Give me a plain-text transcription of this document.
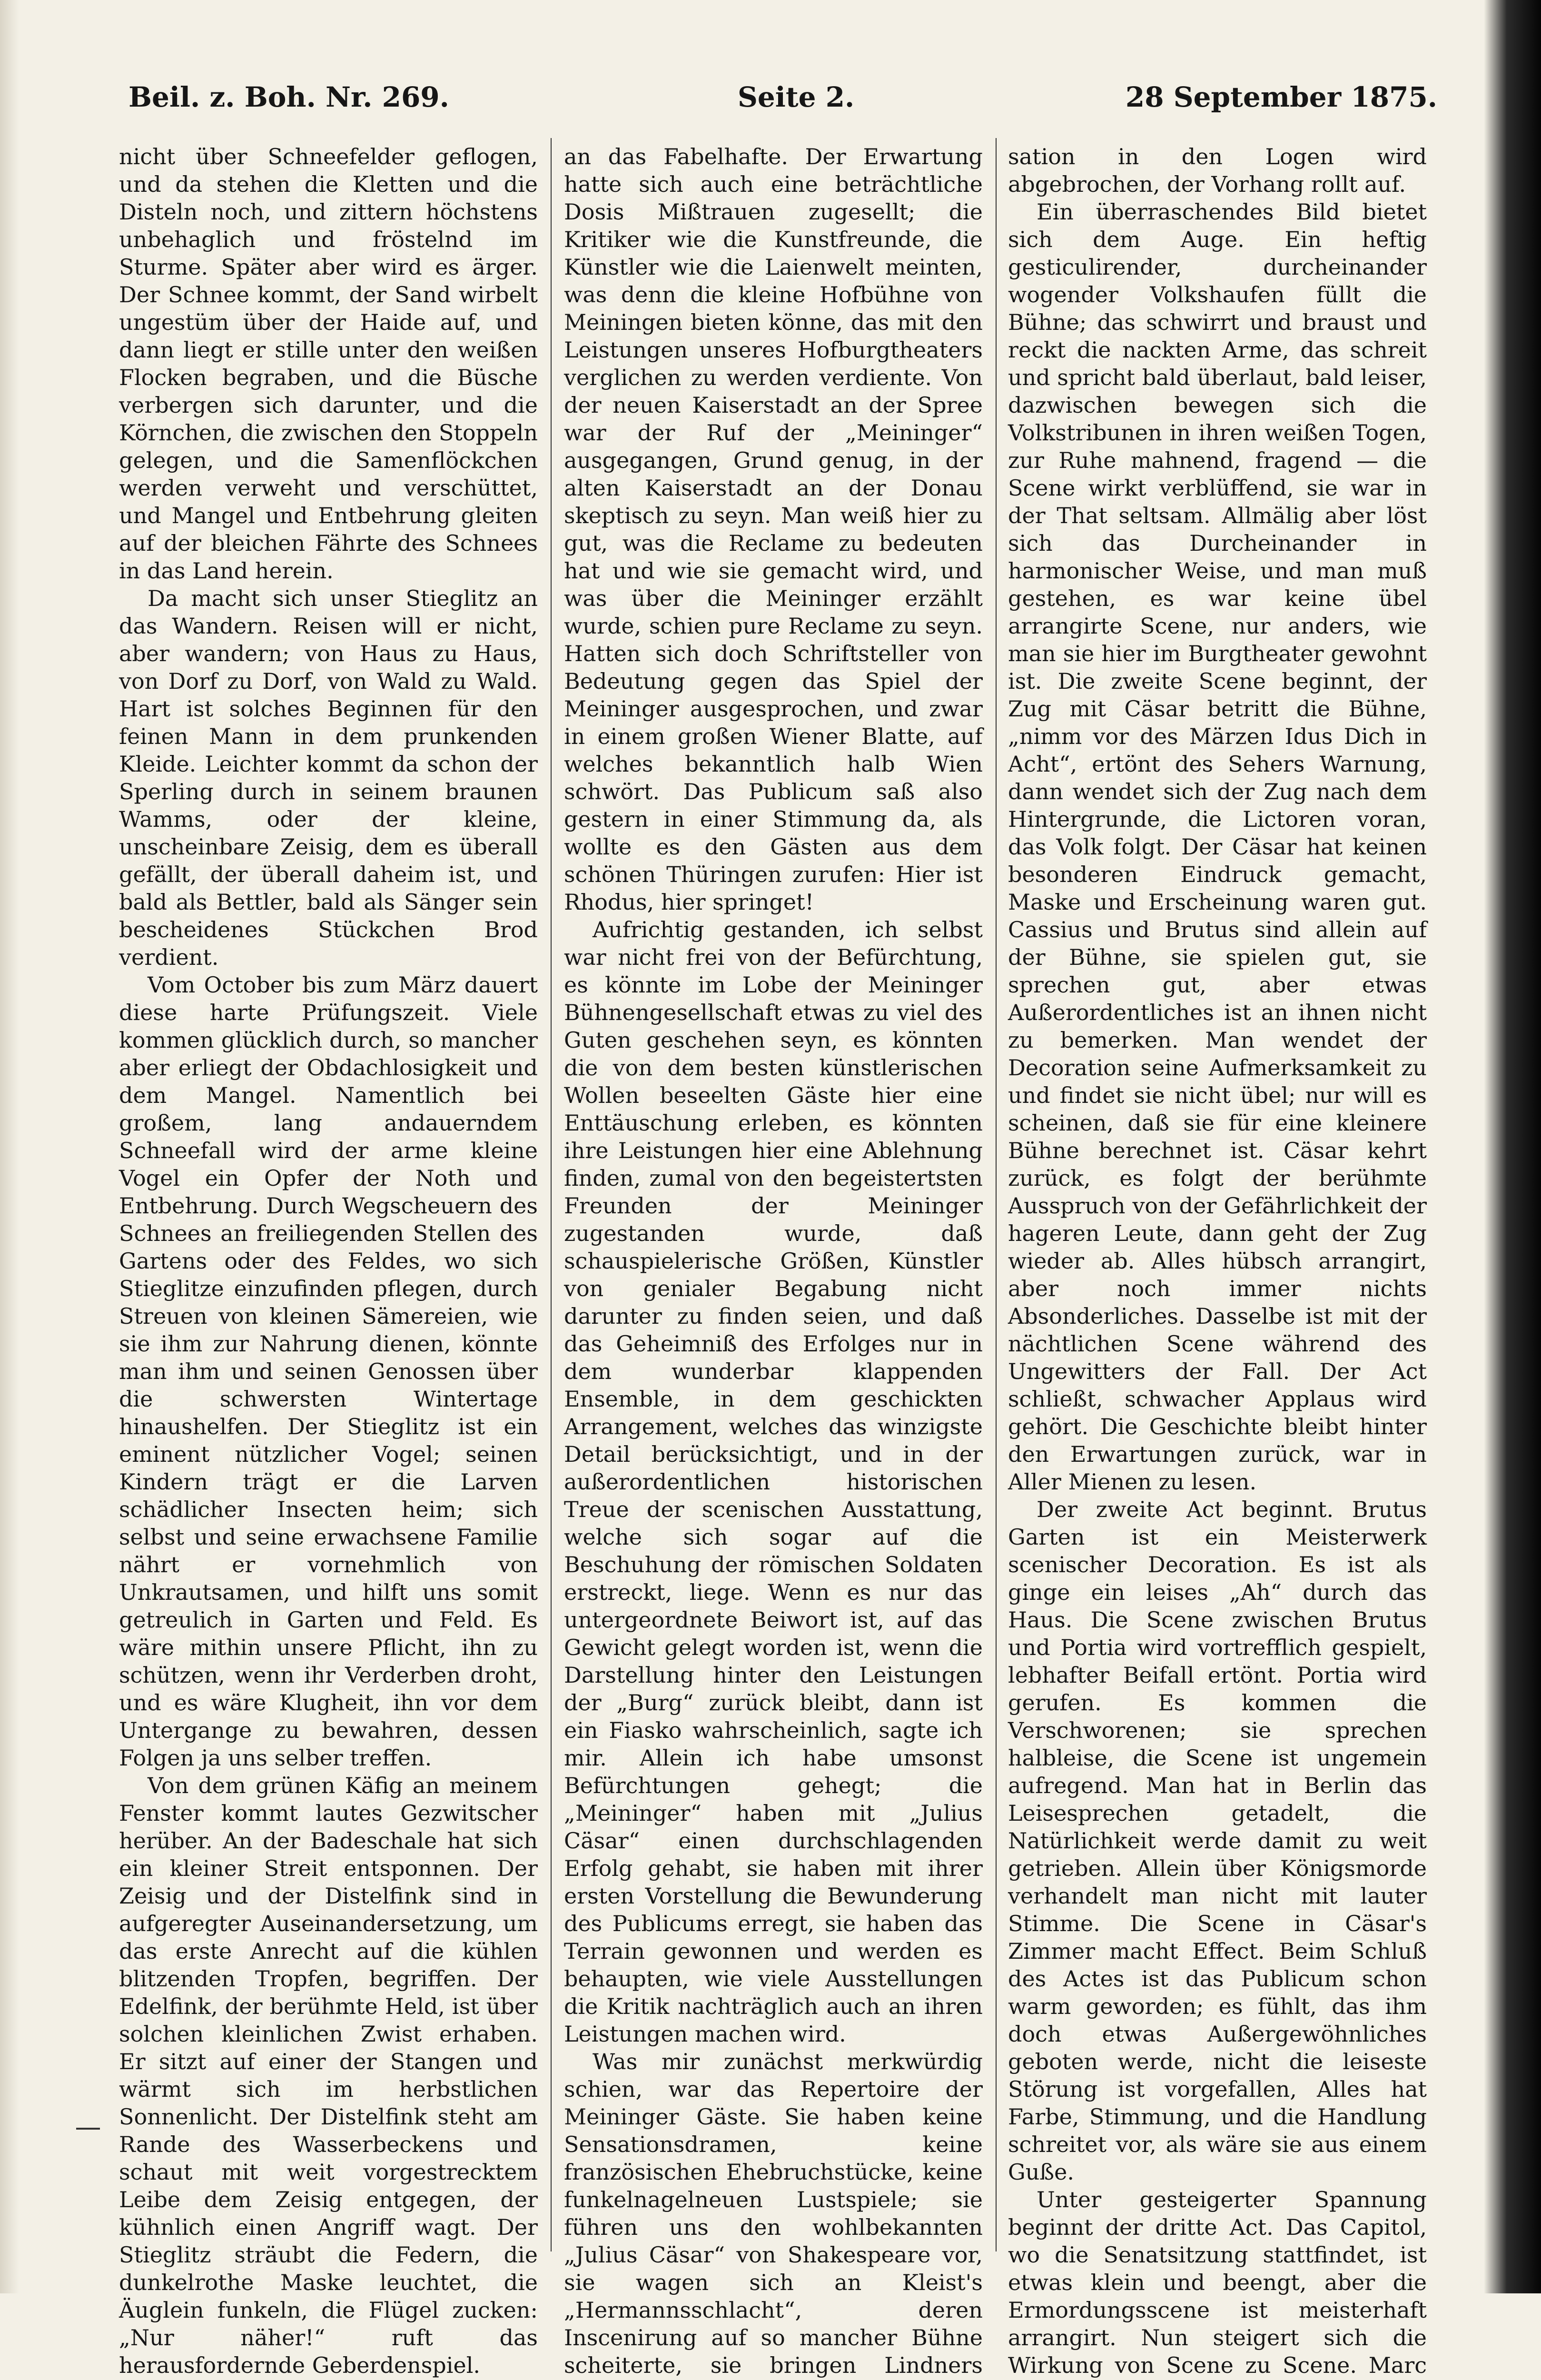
Beil. z. Boh. Nr. 269.	Seite 2.	28 September 1875.

nicht über Schneefelder geflogen, und da stehen die Kletten und die Disteln noch, und zittern höchstens unbehaglich und fröstelnd im Sturme. Später aber wird es ärger. Der Schnee kommt, der Sand wirbelt ungestüm über der Haide auf, und dann liegt er stille unter den weißen Flocken begraben, und die Büsche verbergen sich darunter, und die Körnchen, die zwischen den Stoppeln gelegen, und die Samenflöckchen werden verweht und verschüttet, und Mangel und Entbehrung gleiten auf der bleichen Fährte des Schnees in das Land herein.

Da macht sich unser Stieglitz an das Wandern. Reisen will er nicht, aber wandern; von Haus zu Haus, von Dorf zu Dorf, von Wald zu Wald. Hart ist solches Beginnen für den feinen Mann in dem prunkenden Kleide. Leichter kommt da schon der Sperling durch in seinem braunen Wamms, oder der kleine, unscheinbare Zeisig, dem es überall gefällt, der überall daheim ist, und bald als Bettler, bald als Sänger sein bescheidenes Stückchen Brod verdient.

Vom October bis zum März dauert diese harte Prüfungszeit. Viele kommen glücklich durch, so mancher aber erliegt der Obdachlosigkeit und dem Mangel. Namentlich bei großem, lang andauerndem Schneefall wird der arme kleine Vogel ein Opfer der Noth und Entbehrung. Durch Wegscheuern des Schnees an freiliegenden Stellen des Gartens oder des Feldes, wo sich Stieglitze einzufinden pflegen, durch Streuen von kleinen Sämereien, wie sie ihm zur Nahrung dienen, könnte man ihm und seinen Genossen über die schwersten Wintertage hinaushelfen. Der Stieglitz ist ein eminent nützlicher Vogel; seinen Kindern trägt er die Larven schädlicher Insecten heim; sich selbst und seine erwachsene Familie nährt er vornehmlich von Unkrautsamen, und hilft uns somit getreulich in Garten und Feld. Es wäre mithin unsere Pflicht, ihn zu schützen, wenn ihr Verderben droht, und es wäre Klugheit, ihn vor dem Untergange zu bewahren, dessen Folgen ja uns selber treffen.

Von dem grünen Käfig an meinem Fenster kommt lautes Gezwitscher herüber. An der Badeschale hat sich ein kleiner Streit entsponnen. Der Zeisig und der Distelfink sind in aufgeregter Auseinandersetzung, um das erste Anrecht auf die kühlen blitzenden Tropfen, begriffen. Der Edelfink, der berühmte Held, ist über solchen kleinlichen Zwist erhaben. Er sitzt auf einer der Stangen und wärmt sich im herbstlichen Sonnenlicht. Der Distelfink steht am Rande des Wasserbeckens und schaut mit weit vorgestrecktem Leibe dem Zeisig entgegen, der kühnlich einen Angriff wagt. Der Stieglitz sträubt die Federn, die dunkelrothe Maske leuchtet, die Äuglein funkeln, die Flügel zucken: „Nur näher!“ ruft das herausfordernde Geberdenspiel.

an das Fabelhafte. Der Erwartung hatte sich auch eine beträchtliche Dosis Mißtrauen zugesellt; die Kritiker wie die Kunstfreunde, die Künstler wie die Laienwelt meinten, was denn die kleine Hofbühne von Meiningen bieten könne, das mit den Leistungen unseres Hofburgtheaters verglichen zu werden verdiente. Von der neuen Kaiserstadt an der Spree war der Ruf der „Meininger“ ausgegangen, Grund genug, in der alten Kaiserstadt an der Donau skeptisch zu seyn. Man weiß hier zu gut, was die Reclame zu bedeuten hat und wie sie gemacht wird, und was über die Meininger erzählt wurde, schien pure Reclame zu seyn. Hatten sich doch Schriftsteller von Bedeutung gegen das Spiel der Meininger ausgesprochen, und zwar in einem großen Wiener Blatte, auf welches bekanntlich halb Wien schwört. Das Publicum saß also gestern in einer Stimmung da, als wollte es den Gästen aus dem schönen Thüringen zurufen: Hier ist Rhodus, hier springet!

Aufrichtig gestanden, ich selbst war nicht frei von der Befürchtung, es könnte im Lobe der Meininger Bühnengesellschaft etwas zu viel des Guten geschehen seyn, es könnten die von dem besten künstlerischen Wollen beseelten Gäste hier eine Enttäuschung erleben, es könnten ihre Leistungen hier eine Ablehnung finden, zumal von den begeistertsten Freunden der Meininger zugestanden wurde, daß schauspielerische Größen, Künstler von genialer Begabung nicht darunter zu finden seien, und daß das Geheimniß des Erfolges nur in dem wunderbar klappenden Ensemble, in dem geschickten Arrangement, welches das winzigste Detail berücksichtigt, und in der außerordentlichen historischen Treue der scenischen Ausstattung, welche sich sogar auf die Beschuhung der römischen Soldaten erstreckt, liege. Wenn es nur das untergeordnete Beiwort ist, auf das Gewicht gelegt worden ist, wenn die Darstellung hinter den Leistungen der „Burg“ zurück bleibt, dann ist ein Fiasko wahrscheinlich, sagte ich mir. Allein ich habe umsonst Befürchtungen gehegt; die „Meininger“ haben mit „Julius Cäsar“ einen durchschlagenden Erfolg gehabt, sie haben mit ihrer ersten Vorstellung die Bewunderung des Publicums erregt, sie haben das Terrain gewonnen und werden es behaupten, wie viele Ausstellungen die Kritik nachträglich auch an ihren Leistungen machen wird.

Was mir zunächst merkwürdig schien, war das Repertoire der Meininger Gäste. Sie haben keine Sensationsdramen, keine französischen Ehebruchstücke, keine funkelnagelneuen Lustspiele; sie führen uns den wohlbekannten „Julius Cäsar“ von Shakespeare vor, sie wagen sich an Kleist's „Hermannsschlacht“, deren Inscenirung auf so mancher Bühne scheiterte, sie bringen Lindners

sation in den Logen wird abgebrochen, der Vorhang rollt auf.

Ein überraschendes Bild bietet sich dem Auge. Ein heftig gesticulirender, durcheinander wogender Volkshaufen füllt die Bühne; das schwirrt und braust und reckt die nackten Arme, das schreit und spricht bald überlaut, bald leiser, dazwischen bewegen sich die Volkstribunen in ihren weißen Togen, zur Ruhe mahnend, fragend — die Scene wirkt verblüffend, sie war in der That seltsam. Allmälig aber löst sich das Durcheinander in harmonischer Weise, und man muß gestehen, es war keine übel arrangirte Scene, nur anders, wie man sie hier im Burgtheater gewohnt ist. Die zweite Scene beginnt, der Zug mit Cäsar betritt die Bühne, „nimm vor des Märzen Idus Dich in Acht“, ertönt des Sehers Warnung, dann wendet sich der Zug nach dem Hintergrunde, die Lictoren voran, das Volk folgt. Der Cäsar hat keinen besonderen Eindruck gemacht, Maske und Erscheinung waren gut. Cassius und Brutus sind allein auf der Bühne, sie spielen gut, sie sprechen gut, aber etwas Außerordentliches ist an ihnen nicht zu bemerken. Man wendet der Decoration seine Aufmerksamkeit zu und findet sie nicht übel; nur will es scheinen, daß sie für eine kleinere Bühne berechnet ist. Cäsar kehrt zurück, es folgt der berühmte Ausspruch von der Gefährlichkeit der hageren Leute, dann geht der Zug wieder ab. Alles hübsch arrangirt, aber noch immer nichts Absonderliches. Dasselbe ist mit der nächtlichen Scene während des Ungewitters der Fall. Der Act schließt, schwacher Applaus wird gehört. Die Geschichte bleibt hinter den Erwartungen zurück, war in Aller Mienen zu lesen.

Der zweite Act beginnt. Brutus Garten ist ein Meisterwerk scenischer Decoration. Es ist als ginge ein leises „Ah“ durch das Haus. Die Scene zwischen Brutus und Portia wird vortrefflich gespielt, lebhafter Beifall ertönt. Portia wird gerufen. Es kommen die Verschworenen; sie sprechen halbleise, die Scene ist ungemein aufregend. Man hat in Berlin das Leisesprechen getadelt, die Natürlichkeit werde damit zu weit getrieben. Allein über Königsmorde verhandelt man nicht mit lauter Stimme. Die Scene in Cäsar's Zimmer macht Effect. Beim Schluß des Actes ist das Publicum schon warm geworden; es fühlt, das ihm doch etwas Außergewöhnliches geboten werde, nicht die leiseste Störung ist vorgefallen, Alles hat Farbe, Stimmung, und die Handlung schreitet vor, als wäre sie aus einem Guße.

Unter gesteigerter Spannung beginnt der dritte Act. Das Capitol, wo die Senatsitzung stattfindet, ist etwas klein und beengt, aber die Ermordungsscene ist meisterhaft arrangirt. Nun steigert sich die Wirkung von Scene zu Scene. Marc
